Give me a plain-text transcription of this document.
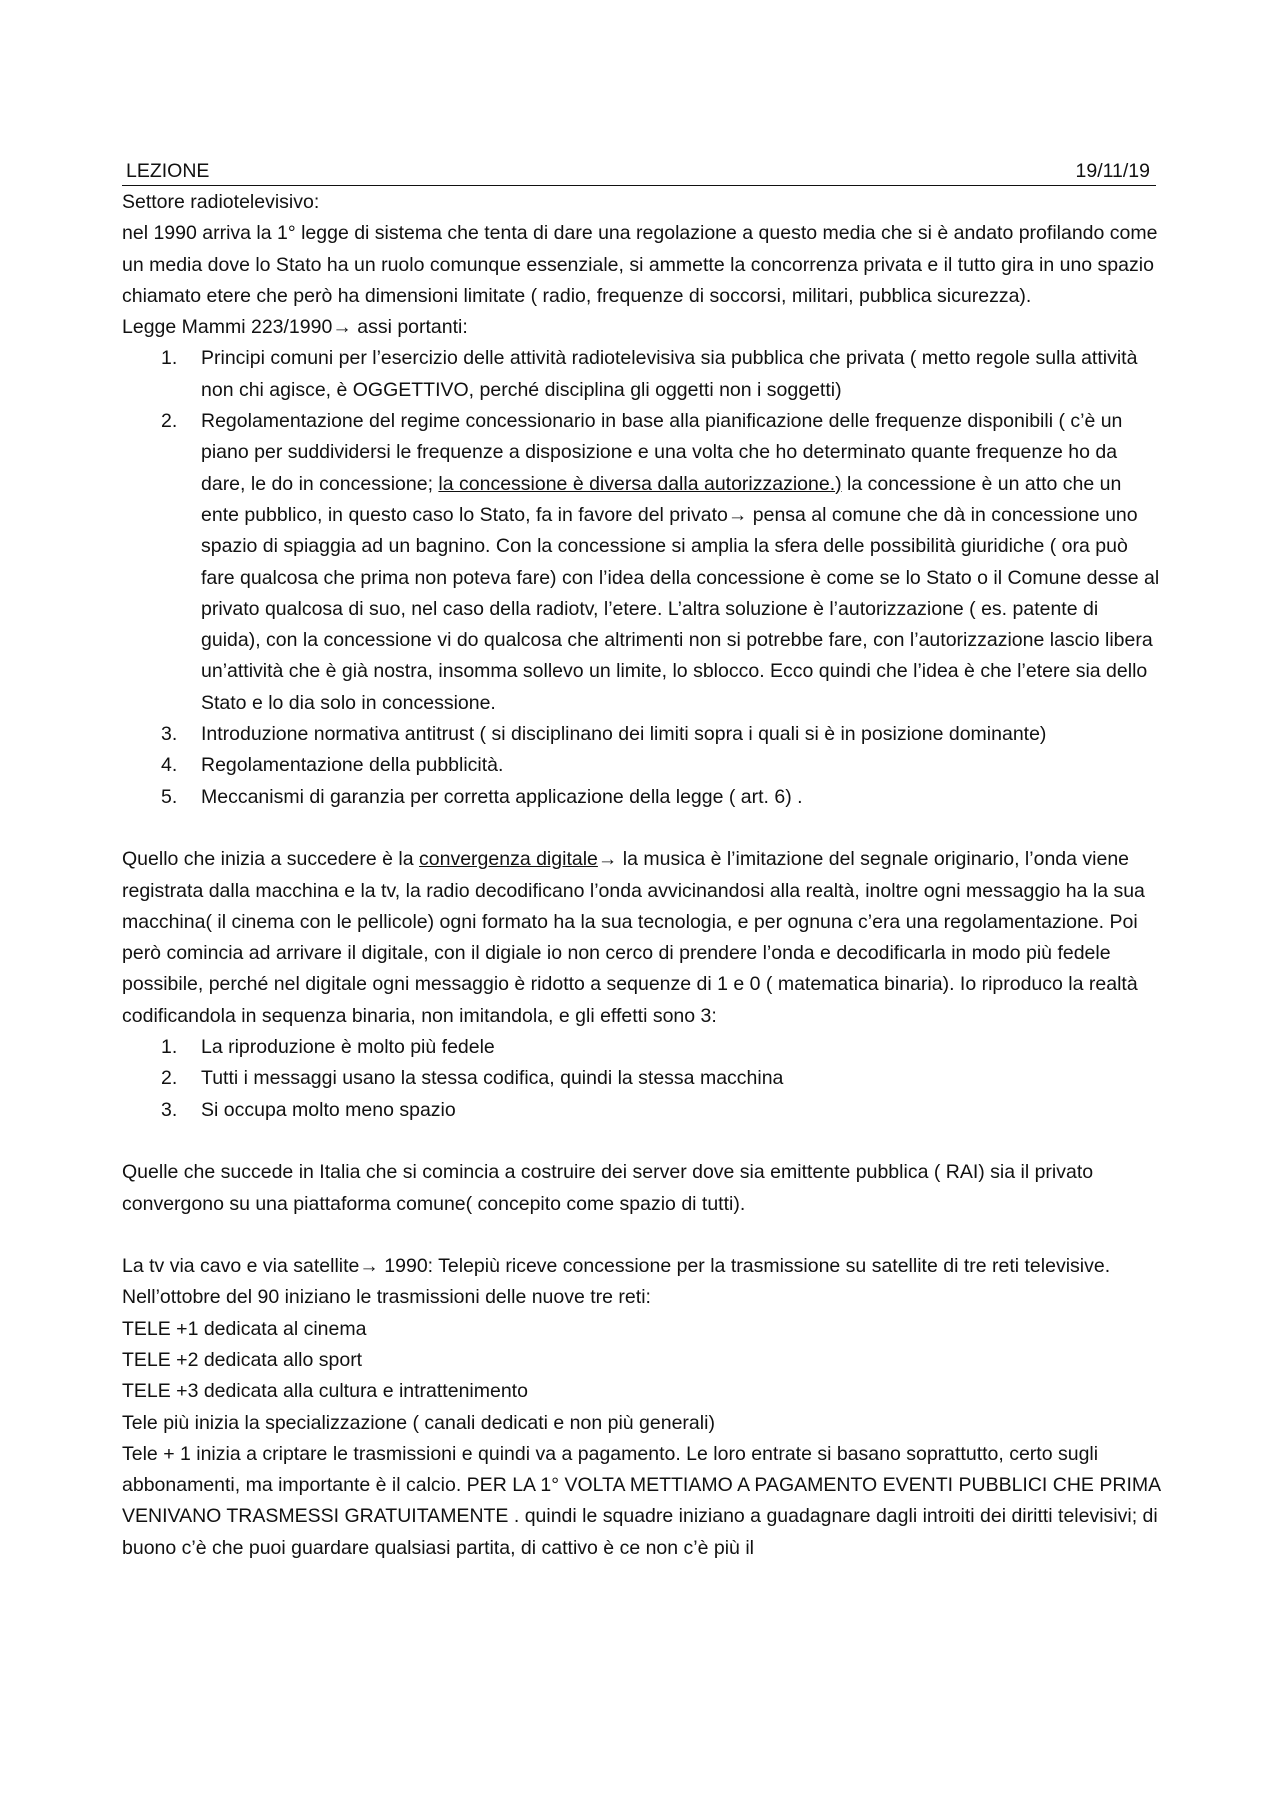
LEZIONE	19/11/19

Settore radiotelevisivo:

nel 1990 arriva la 1° legge di sistema che tenta di dare una regolazione a questo media che si è andato profilando come un media dove lo Stato ha un ruolo comunque essenziale, si ammette la concorrenza privata e il tutto gira in uno spazio chiamato etere che però ha dimensioni limitate ( radio, frequenze di soccorsi, militari, pubblica sicurezza).

Legge Mammi 223/1990→ assi portanti:

1. Principi comuni per l’esercizio delle attività radiotelevisiva sia pubblica che privata ( metto regole sulla attività non chi agisce, è OGGETTIVO, perché disciplina gli oggetti non i soggetti)
2. Regolamentazione del regime concessionario in base alla pianificazione delle frequenze disponibili ( c’è un piano per suddividersi le frequenze a disposizione e una volta che ho determinato quante frequenze ho da dare, le do in concessione; la concessione è diversa dalla autorizzazione.) la concessione è un atto che un ente pubblico, in questo caso lo Stato, fa in favore del privato→ pensa al comune che dà in concessione uno spazio di spiaggia ad un bagnino. Con la concessione si amplia la sfera delle possibilità giuridiche ( ora può fare qualcosa che prima non poteva fare) con l’idea della concessione è come se lo Stato o il Comune desse al privato qualcosa di suo, nel caso della radiotv, l’etere. L’altra soluzione è l’autorizzazione ( es. patente di guida), con la concessione vi do qualcosa che altrimenti non si potrebbe fare, con l’autorizzazione lascio libera un’attività che è già nostra, insomma sollevo un limite, lo sblocco. Ecco quindi che l’idea è che l’etere sia dello Stato e lo dia solo in concessione.
3. Introduzione normativa antitrust ( si disciplinano dei limiti sopra i quali si è in posizione dominante)
4. Regolamentazione della pubblicità.
5. Meccanismi di garanzia per corretta applicazione della legge ( art. 6) .

Quello che inizia a succedere è la convergenza digitale→ la musica è l’imitazione del segnale originario, l’onda viene registrata dalla macchina e la tv, la radio decodificano l’onda avvicinandosi alla realtà, inoltre ogni messaggio ha la sua macchina( il cinema con le pellicole) ogni formato ha la sua tecnologia, e per ognuna c’era una regolamentazione. Poi però comincia ad arrivare il digitale, con il digiale io non cerco di prendere l’onda e decodificarla in modo più fedele possibile, perché nel digitale ogni messaggio è ridotto a sequenze di 1 e 0 ( matematica binaria). Io riproduco la realtà codificandola in sequenza binaria, non imitandola, e gli effetti sono 3:

1. La riproduzione è molto più fedele
2. Tutti i messaggi usano la stessa codifica, quindi la stessa macchina
3. Si occupa molto meno spazio

Quelle che succede in Italia che si comincia a costruire dei server dove sia emittente pubblica ( RAI) sia il privato convergono su una piattaforma comune( concepito come spazio di tutti).

La tv via cavo e via satellite→ 1990: Telepiù riceve concessione per la trasmissione su satellite di tre reti televisive. Nell’ottobre del 90 iniziano le trasmissioni delle nuove tre reti:

TELE +1 dedicata al cinema

TELE +2 dedicata allo sport

TELE +3 dedicata alla cultura e intrattenimento

Tele più inizia la specializzazione ( canali dedicati e non più generali)

Tele + 1 inizia a criptare le trasmissioni e quindi va a pagamento. Le loro entrate si basano soprattutto, certo sugli abbonamenti, ma importante è il calcio. PER LA 1° VOLTA METTIAMO A PAGAMENTO EVENTI PUBBLICI CHE PRIMA VENIVANO TRASMESSI GRATUITAMENTE . quindi le squadre iniziano a guadagnare dagli introiti dei diritti televisivi; di buono c’è che puoi guardare qualsiasi partita, di cattivo è ce non c’è più il
